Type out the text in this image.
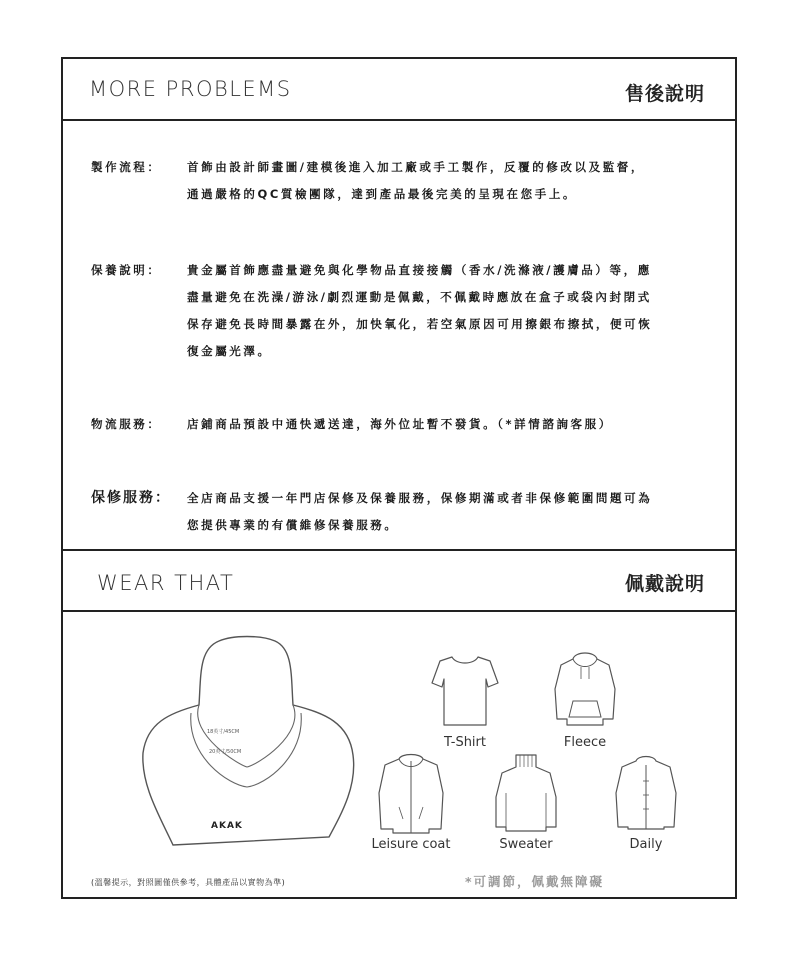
MORE PROBLEMS	售後說明
製作流程： 首飾由設計師畫圖/建模後進入加工廠或手工製作，反覆的修改以及監督，
通過嚴格的QC質檢團隊，達到產品最後完美的呈現在您手上。
保養說明： 貴金屬首飾應盡量避免與化學物品直接接觸（香水/洗滌液/護膚品）等，應
盡量避免在洗澡/游泳/劇烈運動是佩戴，不佩戴時應放在盒子或袋內封閉式
保存避免長時間暴露在外，加快氧化，若空氣原因可用擦銀布擦拭，便可恢
復金屬光澤。
物流服務： 店鋪商品預設中通快遞送達，海外位址暫不發貨。（*詳情諮詢客服）
保修服務： 全店商品支援一年門店保修及保養服務，保修期滿或者非保修範圍問題可為
您提供專業的有償維修保養服務。
WEAR THAT	佩戴說明
18英寸/45CM
20英寸/50CM
AKAK
T-Shirt	Fleece
Leisure coat	Sweater	Daily
(溫馨提示，對照圖僅供參考，具體產品以實物為準)	*可調節，佩戴無障礙
